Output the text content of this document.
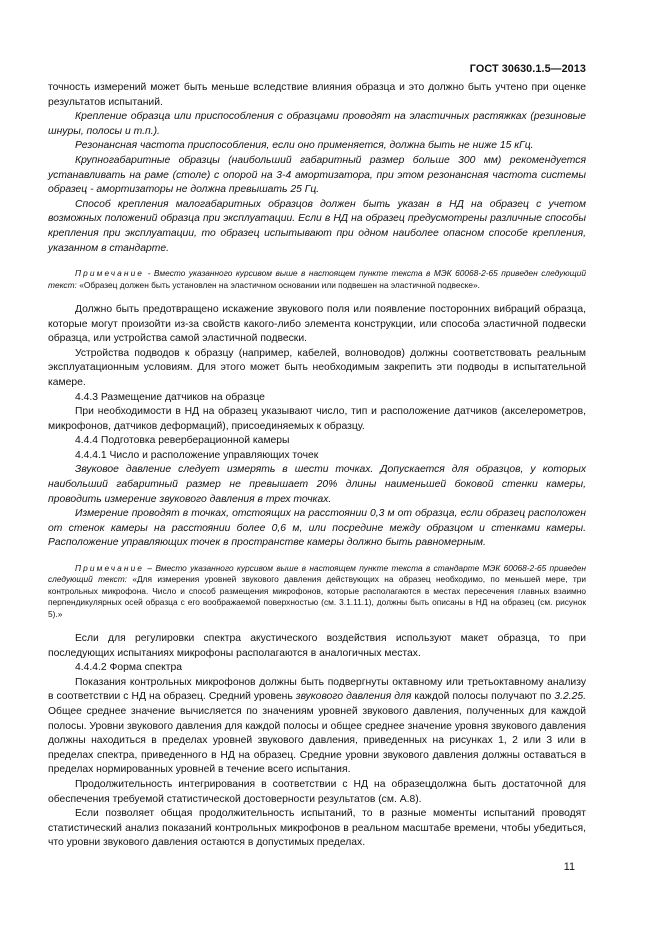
ГОСТ 30630.1.5—2013

точность измерений может быть меньше вследствие влияния образца и это должно быть учтено при оценке результатов испытаний.

Крепление образца или приспособления с образцами проводят на эластичных растяжках (резиновые шнуры, полосы и т.п.).

Резонансная частота приспособления, если оно применяется, должна быть не ниже 15 кГц.

Крупногабаритные образцы (наибольший габаритный размер больше 300 мм) рекомендуется устанавливать на раме (столе) с опорой на 3-4 амортизатора, при этом резонансная частота системы образец - амортизаторы не должна превышать 25 Гц.

Способ крепления малогабаритных образцов должен быть указан в НД на образец с учетом возможных положений образца при эксплуатации. Если в НД на образец предусмотрены различные способы крепления при эксплуатации, то образец испытывают при одном наиболее опасном способе крепления, указанном в стандарте.

Примечание - Вместо указанного курсивом выше в настоящем пункте текста в МЭК 60068-2-65 приведен следующий текст: «Образец должен быть установлен на эластичном основании или подвешен на эластичной подвеске».

Должно быть предотвращено искажение звукового поля или появление посторонних вибраций образца, которые могут произойти из-за свойств какого-либо элемента конструкции, или способа эластичной подвески образца, или устройства самой эластичной подвески.

Устройства подводов к образцу (например, кабелей, волноводов) должны соответствовать реальным эксплуатационным условиям. Для этого может быть необходимым закрепить эти подводы в испытательной камере.

4.4.3 Размещение датчиков на образце

При необходимости в НД на образец указывают число, тип и расположение датчиков (акселерометров, микрофонов, датчиков деформаций), присоединяемых к образцу.

4.4.4 Подготовка реверберационной камеры

4.4.4.1 Число и расположение управляющих точек

Звуковое давление следует измерять в шести точках. Допускается для образцов, у которых наибольший габаритный размер не превышает 20% длины наименьшей боковой стенки камеры, проводить измерение звукового давления в трех точках.

Измерение проводят в точках, отстоящих на расстоянии 0,3 м от образца, если образец расположен от стенок камеры на расстоянии более 0,6 м, или посредине между образцом и стенками камеры. Расположение управляющих точек в пространстве камеры должно быть равномерным.

Примечание – Вместо указанного курсивом выше в настоящем пункте текста в стандарте МЭК 60068-2-65 приведен следующий текст: «Для измерения уровней звукового давления действующих на образец необходимо, по меньшей мере, три контрольных микрофона. Число и способ размещения микрофонов, которые располагаются в местах пересечения главных взаимно перпендикулярных осей образца с его воображаемой поверхностью (см. 3.1.11.1), должны быть описаны в НД на образец (см. рисунок 5).»

Если для регулировки спектра акустического воздействия используют макет образца, то при последующих испытаниях микрофоны располагаются в аналогичных местах.

4.4.4.2 Форма спектра

Показания контрольных микрофонов должны быть подвергнуты октавному или третьоктавному анализу в соответствии с НД на образец. Средний уровень звукового давления для каждой полосы получают по 3.2.25. Общее среднее значение вычисляется по значениям уровней звукового давления, полученных для каждой полосы. Уровни звукового давления для каждой полосы и общее среднее значение уровня звукового давления должны находиться в пределах уровней звукового давления, приведенных на рисунках 1, 2 или 3 или в пределах спектра, приведенного в НД на образец. Средние уровни звукового давления должны оставаться в пределах нормированных уровней в течение всего испытания.

Продолжительность интегрирования в соответствии с НД на образецдолжна быть достаточной для обеспечения требуемой статистической достоверности результатов (см. А.8).

Если позволяет общая продолжительность испытаний, то в разные моменты испытаний проводят статистический анализ показаний контрольных микрофонов в реальном масштабе времени, чтобы убедиться, что уровни звукового давления остаются в допустимых пределах.

11
